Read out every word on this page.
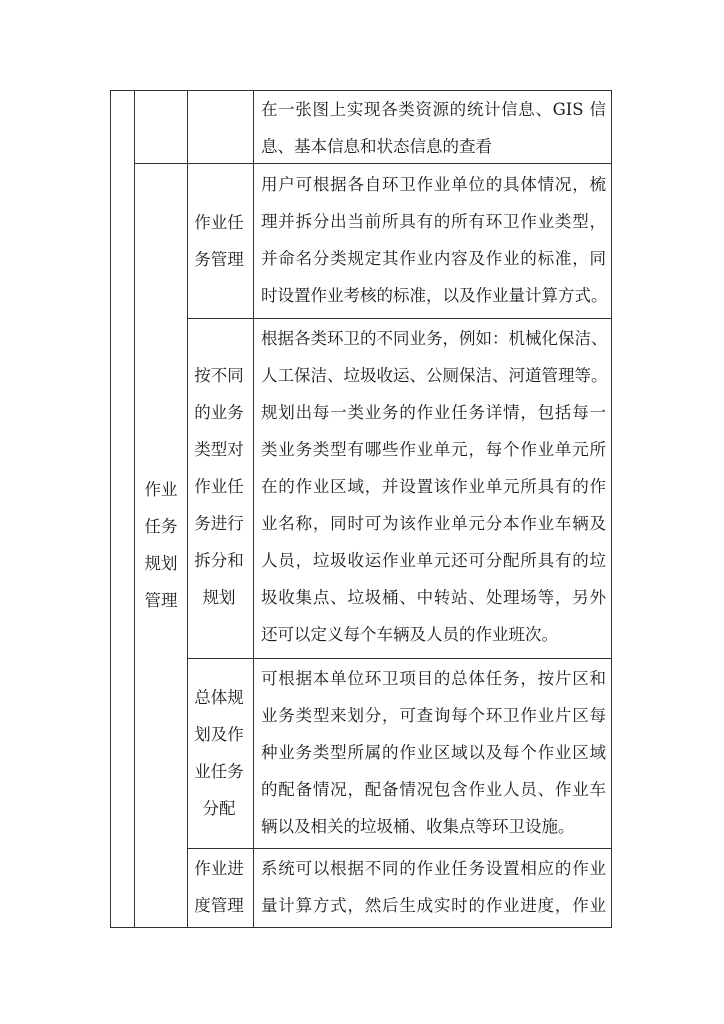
作业
任务
规划
管理
在一张图上实现各类资源的统计信息、GIS 信
息、基本信息和状态信息的查看
作业任
务管理
用户可根据各自环卫作业单位的具体情况，梳
理并拆分出当前所具有的所有环卫作业类型，
并命名分类规定其作业内容及作业的标准，同
时设置作业考核的标准，以及作业量计算方式。
按不同
的业务
类型对
作业任
务进行
拆分和
规划
根据各类环卫的不同业务，例如：机械化保洁、
人工保洁、垃圾收运、公厕保洁、河道管理等。
规划出每一类业务的作业任务详情，包括每一
类业务类型有哪些作业单元，每个作业单元所
在的作业区域，并设置该作业单元所具有的作
业名称，同时可为该作业单元分本作业车辆及
人员，垃圾收运作业单元还可分配所具有的垃
圾收集点、垃圾桶、中转站、处理场等，另外
还可以定义每个车辆及人员的作业班次。
总体规
划及作
业任务
分配
可根据本单位环卫项目的总体任务，按片区和
业务类型来划分，可查询每个环卫作业片区每
种业务类型所属的作业区域以及每个作业区域
的配备情况，配备情况包含作业人员、作业车
辆以及相关的垃圾桶、收集点等环卫设施。
作业进
度管理
系统可以根据不同的作业任务设置相应的作业
量计算方式，然后生成实时的作业进度，作业
